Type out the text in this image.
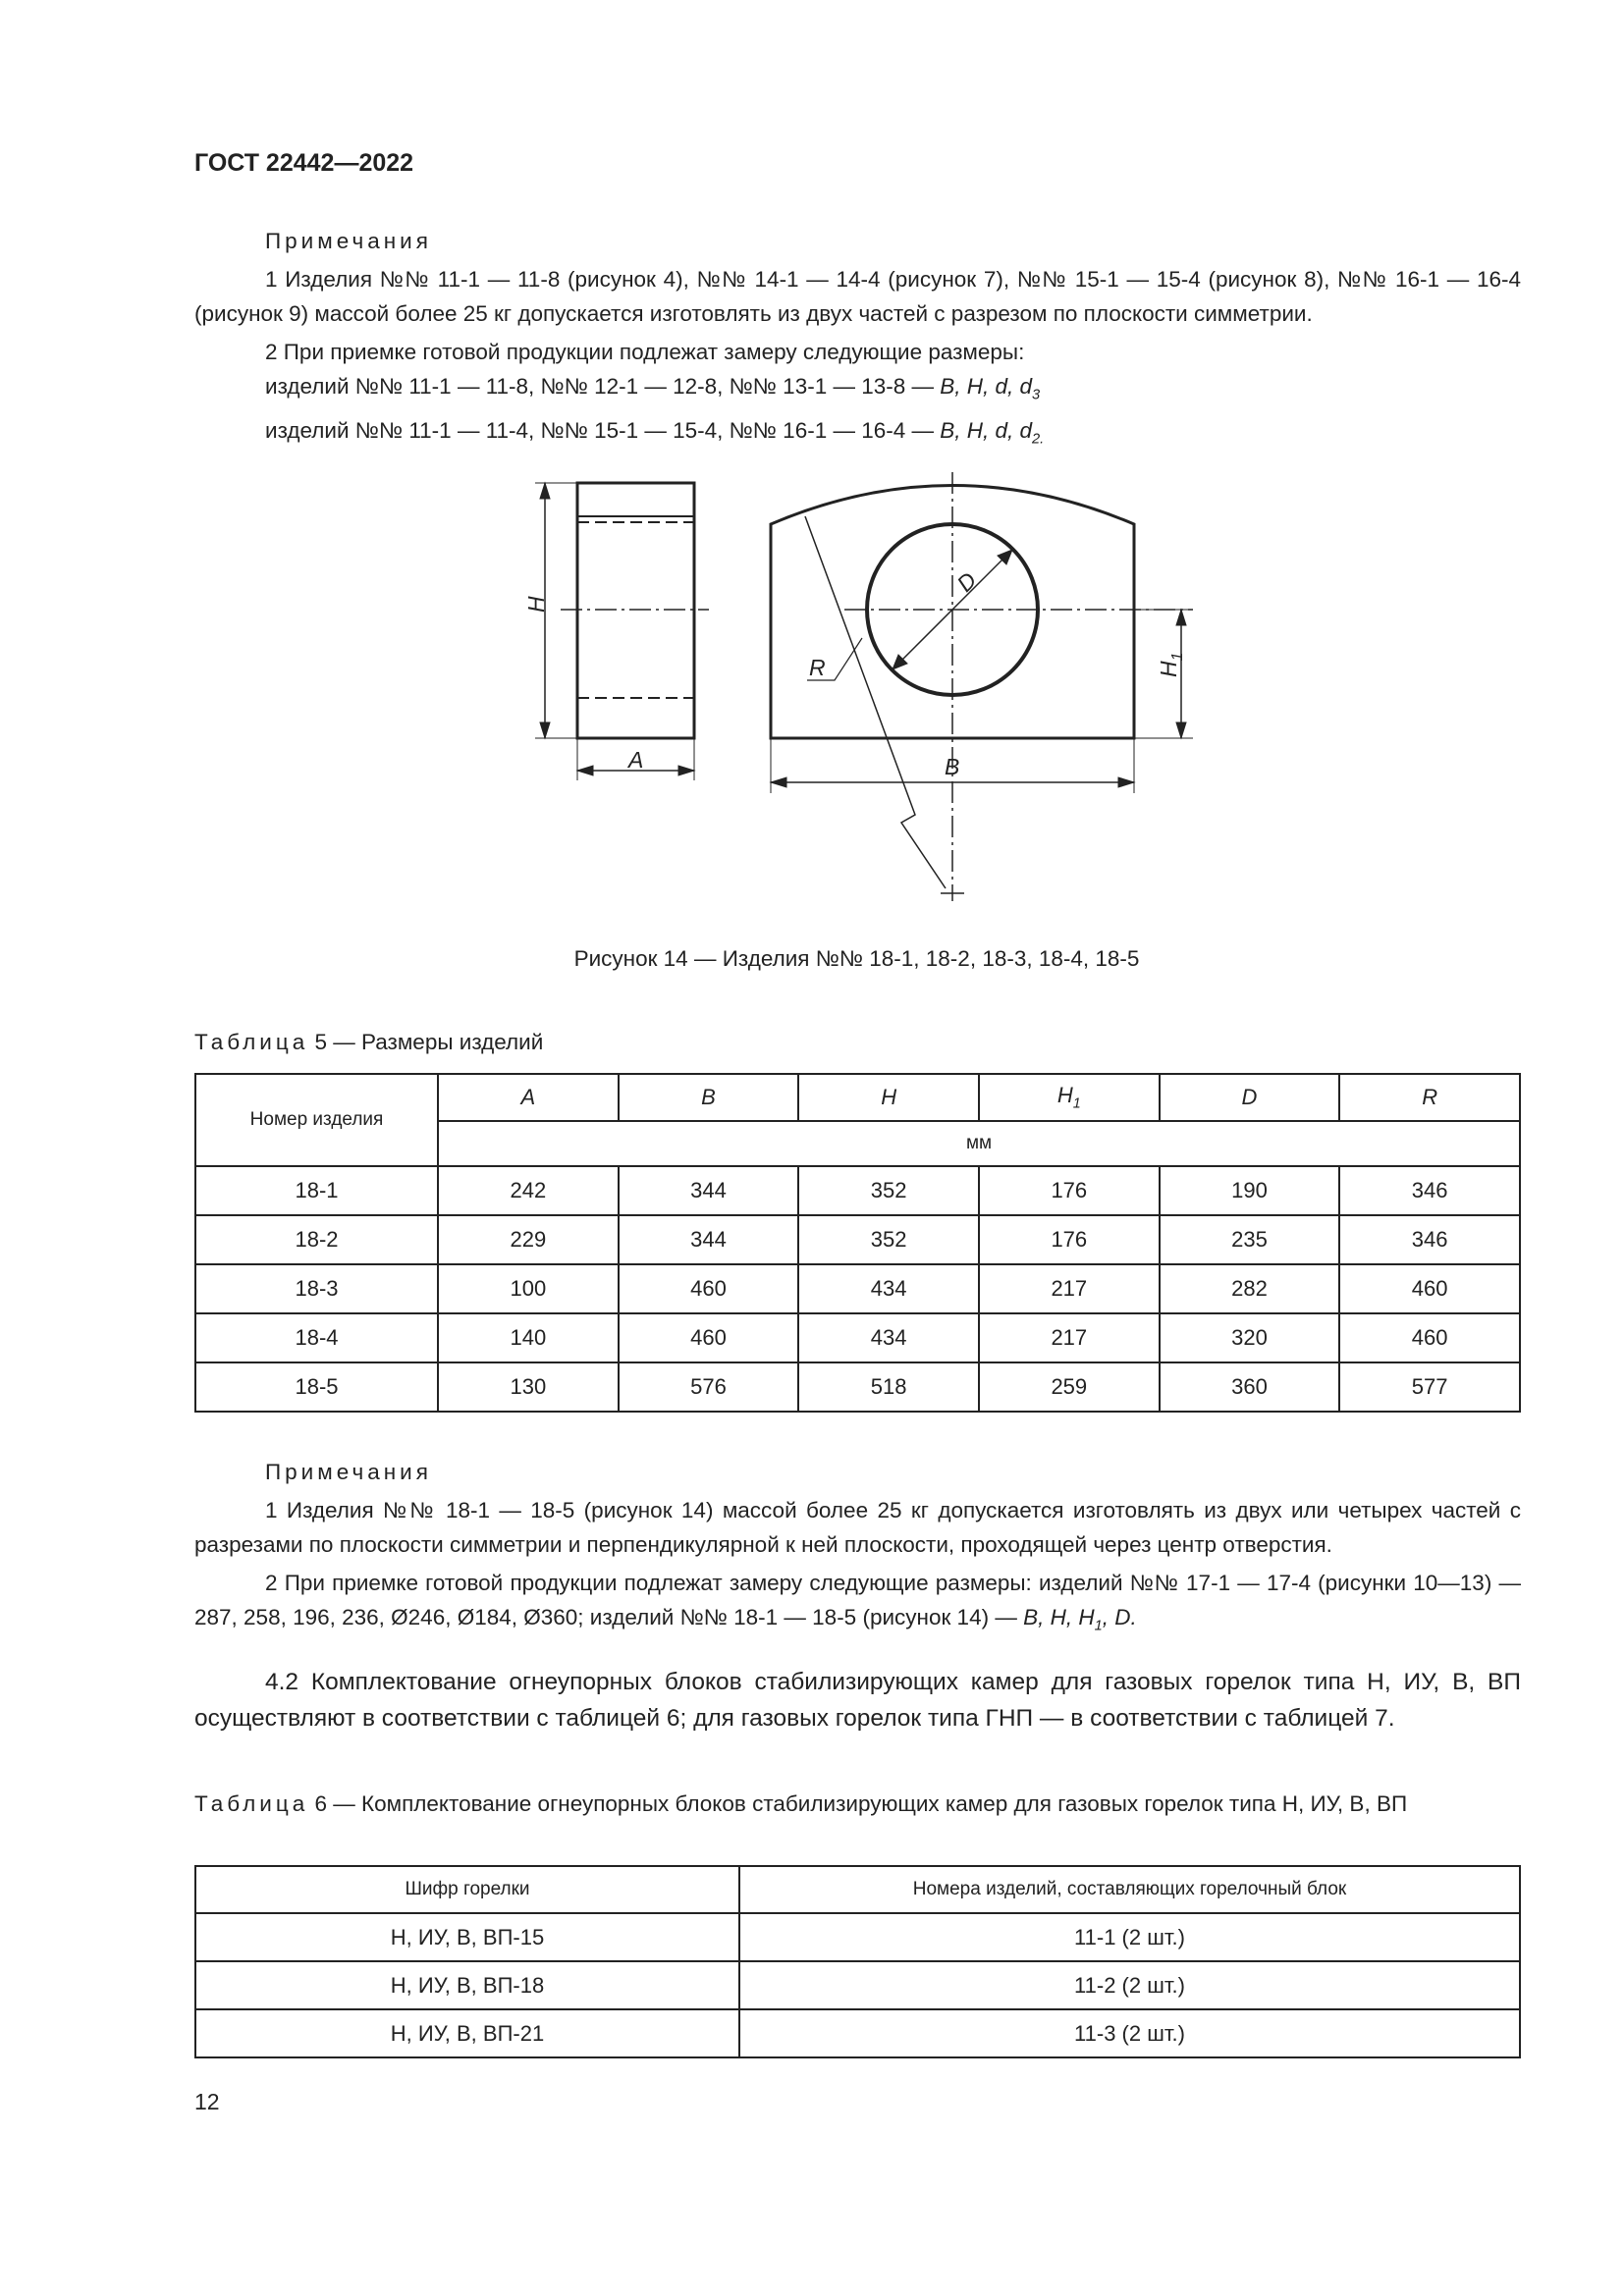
ГОСТ 22442—2022

Примечания

1 Изделия №№ 11-1 — 11-8 (рисунок 4), №№ 14-1 — 14-4 (рисунок 7), №№ 15-1 — 15-4 (рисунок 8), №№ 16-1 — 16-4 (рисунок 9) массой более 25 кг допускается изготовлять из двух частей с разрезом по плоскости симметрии.

2 При приемке готовой продукции подлежат замеру следующие размеры:

изделий №№ 11-1 — 11-8, №№ 12-1 — 12-8, №№ 13-1 — 13-8 — B, H, d, $d_3$
изделий №№ 11-1 — 11-4, №№ 15-1 — 15-4, №№ 16-1 — 16-4 — B, H, d, $d_{2.}$
H
A
D
R
B
$H_1$
Рисунок 14 — Изделия №№ 18-1, 18-2, 18-3, 18-4, 18-5
Таблица 5 — Размеры изделий
Номер изделия	A	B	H	$H_1$	D	R
	мм					
18-1	242	344	352	176	190	346
18-2	229	344	352	176	235	346
18-3	100	460	434	217	282	460
18-4	140	460	434	217	320	460
18-5	130	576	518	259	360	577

Примечания

1 Изделия №№ 18-1 — 18-5 (рисунок 14) массой более 25 кг допускается изготовлять из двух или четырех частей с разрезами по плоскости симметрии и перпендикулярной к ней плоскости, проходящей через центр отверстия.

2 При приемке готовой продукции подлежат замеру следующие размеры: изделий №№ 17-1 — 17-4 (рисунки 10—13) — 287, 258, 196, 236, Ø246, Ø184, Ø360; изделий №№ 18-1 — 18-5 (рисунок 14) — B, H, $H_1$, D.

4.2 Комплектование огнеупорных блоков стабилизирующих камер для газовых горелок типа Н, ИУ, В, ВП осуществляют в соответствии с таблицей 6; для газовых горелок типа ГНП — в соответствии с таблицей 7.

Таблица 6 — Комплектование огнеупорных блоков стабилизирующих камер для газовых горелок типа Н, ИУ, В, ВП
Шифр горелки	Номера изделий, составляющих горелочный блок
Н, ИУ, В, ВП-15	11-1 (2 шт.)
Н, ИУ, В, ВП-18	11-2 (2 шт.)
Н, ИУ, В, ВП-21	11-3 (2 шт.)
12
